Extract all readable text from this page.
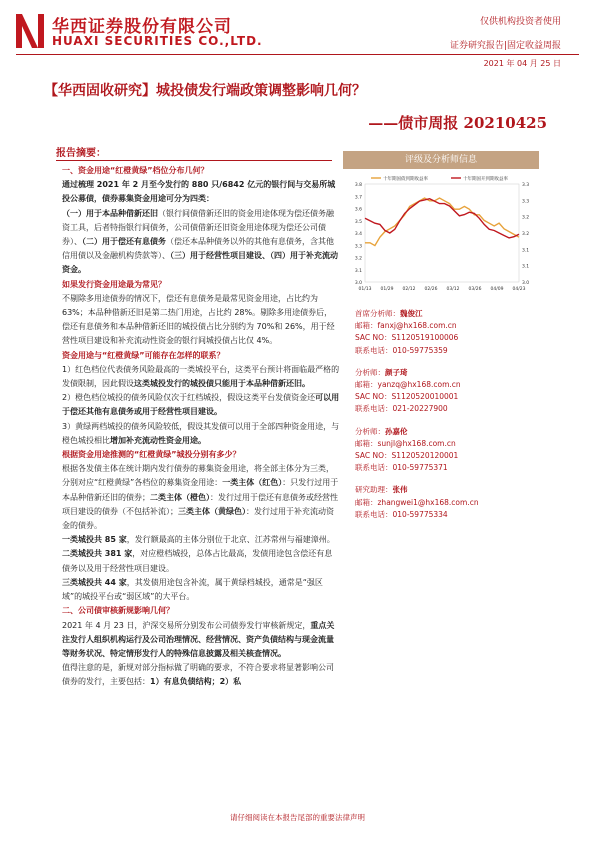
华西证券股份有限公司
HUAXI SECURITIES CO.,LTD.
仅供机构投资者使用
证券研究报告|固定收益周报
2021 年 04 月 25 日
【华西固收研究】城投债发行端政策调整影响几何？
——债市周报 20210425
报告摘要：

一、资金用途“红橙黄绿”档位分布几何？

通过梳理 2021 年 2 月至今发行的 880 只/6842 亿元的银行间与交易所城投公募债，债券募集资金用途可分为四类：

（一）用于本品种借新还旧（银行间债借新还旧的资金用途体现为偿还债务融资工具，后者特指银行间债务，公司债借新还旧资金用途体现为偿还公司债券）、（二）用于偿还有息债务（偿还本品种债务以外的其他有息债务，含其他信用债以及金融机构贷款等）、（三）用于经营性项目建设、（四）用于补充流动资金。

如果发行资金用途最为常见？

不剔除多用途债券的情况下，偿还有息债务是最常见资金用途，占比约为 63%；本品种借新还旧是第二热门用途，占比约 28%。剔除多用途债券后，偿还有息债务和本品种借新还旧的城投债占比分别约为 70%和 26%，用于经营性项目建设和补充流动性资金的银行间城投债占比仅 4%。

资金用途与“红橙黄绿”可能存在怎样的联系？

1）红色档位代表债务风险最高的一类城投平台，这类平台预计将面临最严格的发债限制，因此假设这类城投发行的城投债只能用于本品种借新还旧。

2）橙色档位城投的债务风险仅次于红档城投，假设这类平台发债资金还可以用于偿还其他有息债务或用于经营性项目建设。

3）黄绿两档城投的债务风险较低，假设其发债可以用于全部四种资金用途，与橙色城投相比增加补充流动性资金用途。

根据资金用途推测的“红橙黄绿”城投分别有多少？

根据各发债主体在统计期内发行债券的募集资金用途，将全部主体分为三类，分别对应“红橙黄绿”各档位的募集资金用途：一类主体（红色）：只发行过用于本品种借新还旧的债券；二类主体（橙色）：发行过用于偿还有息债务或经营性项目建设的债券（不包括补流）；三类主体（黄绿色）：发行过用于补充流动资金的债券。

一类城投共 85 家，发行额最高的主体分别位于北京、江苏常州与福建漳州。

二类城投共 381 家，对应橙档城投，总体占比最高，发债用途包含偿还有息债务以及用于经营性项目建设。

三类城投共 44 家，其发债用途包含补流，属于黄绿档城投，通常是“强区域”的城投平台或“弱区域”的大平台。

二、公司债审核新规影响几何？

2021 年 4 月 23 日，沪深交易所分别发布公司债券发行审核新规定，重点关注发行人组织机构运行及公司治理情况、经营情况、资产负债结构与现金流量等财务状况、特定情形发行人的特殊信息披露及相关核查情况。

值得注意的是，新规对部分指标做了明确的要求，不符合要求将显著影响公司债券的发行，主要包括：1）有息负债结构；2）私

评级及分析师信息
3.8
3.7
3.6
3.5
3.4
3.3
3.2
3.1
3.0
3.3
3.3
3.2
3.2
3.1
3.1
3.0
01/13 01/29 02/12 02/26 03/12 03/26 04/09 04/23
十年期国债到期收益率	十年期国开到期收益率
首席分析师：魏俊江
邮箱：fanxj@hx168.com.cn
SAC NO：S1120519100006
联系电话：010-59775359
分析师：颜子琦
邮箱：yanzq@hx168.com.cn
SAC NO：S1120520010001
联系电话：021-20227900
分析师：孙嘉伦
邮箱：sunjl@hx168.com.cn
SAC NO：S1120520120001
联系电话：010-59775371
研究助理：张伟
邮箱：zhangwei1@hx168.com.cn
联系电话：010-59775334
请仔细阅读在本报告尾部的重要法律声明
